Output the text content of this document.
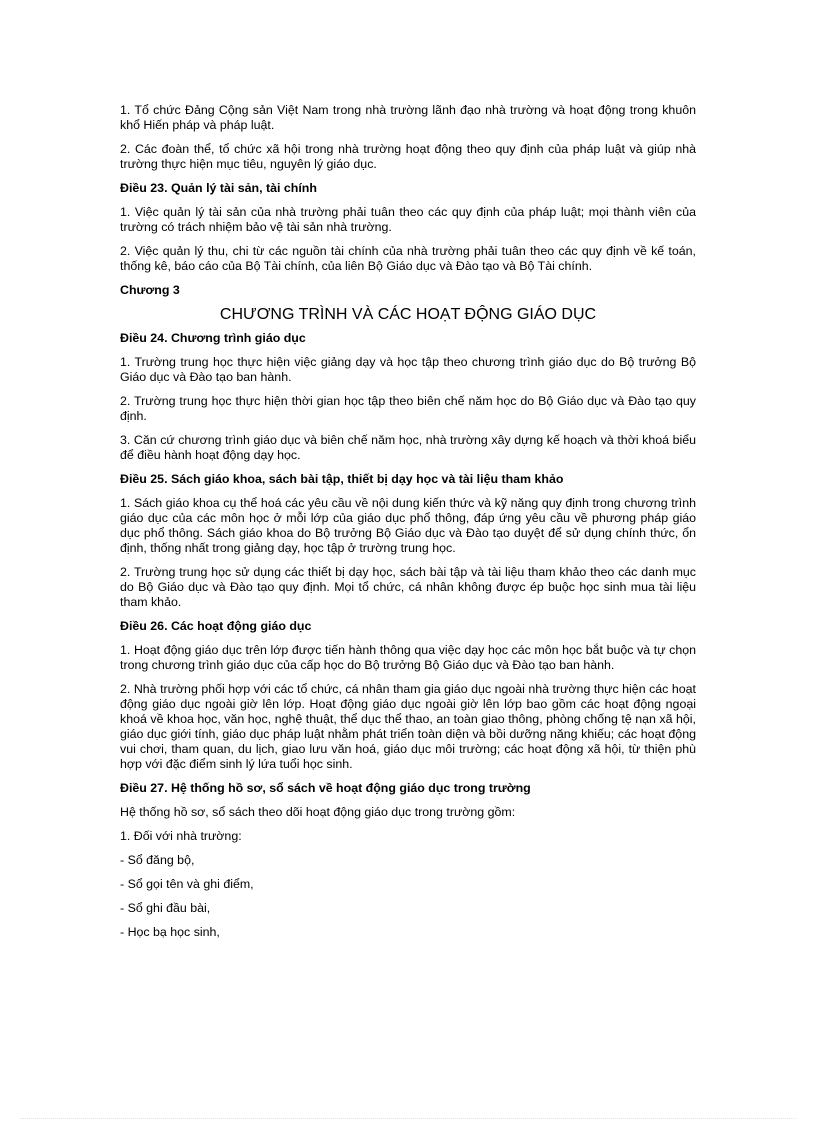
1. Tổ chức Đảng Cộng sản Việt Nam trong nhà trường lãnh đạo nhà trường và hoạt động trong khuôn khổ Hiến pháp và pháp luật.

2. Các đoàn thể, tổ chức xã hội trong nhà trường hoạt động theo quy định của pháp luật và giúp nhà trường thực hiện mục tiêu, nguyên lý giáo dục.

Điều 23. Quản lý tài sản, tài chính

1. Việc quản lý tài sản của nhà trường phải tuân theo các quy định của pháp luật; mọi thành viên của trường có trách nhiệm bảo vệ tài sản nhà trường.

2. Việc quản lý thu, chi từ các nguồn tài chính của nhà trường phải tuân theo các quy định về kế toán, thống kê, báo cáo của Bộ Tài chính, của liên Bộ Giáo dục và Đào tạo và Bộ Tài chính.

Chương 3
CHƯƠNG TRÌNH VÀ CÁC HOẠT ĐỘNG GIÁO DỤC
Điều 24. Chương trình giáo dục

1. Trường trung học thực hiện việc giảng dạy và học tập theo chương trình giáo dục do Bộ trưởng Bộ Giáo dục và Đào tạo ban hành.

2. Trường trung học thực hiện thời gian học tập theo biên chế năm học do Bộ Giáo dục và Đào tạo quy định.

3. Căn cứ chương trình giáo dục và biên chế năm học, nhà trường xây dựng kế hoạch và thời khoá biểu để điều hành hoạt động dạy học.

Điều 25. Sách giáo khoa, sách bài tập, thiết bị dạy học và tài liệu tham khảo

1. Sách giáo khoa cụ thể hoá các yêu cầu về nội dung kiến thức và kỹ năng quy định trong chương trình giáo dục của các môn học ở mỗi lớp của giáo dục phổ thông, đáp ứng yêu cầu về phương pháp giáo dục phổ thông. Sách giáo khoa do Bộ trưởng Bộ Giáo dục và Đào tạo duyệt để sử dụng chính thức, ổn định, thống nhất trong giảng dạy, học tập ở trường trung học.

2. Trường trung học sử dụng các thiết bị dạy học, sách bài tập và tài liệu tham khảo theo các danh mục do Bộ Giáo dục và Đào tạo quy định. Mọi tổ chức, cá nhân không được ép buộc học sinh mua tài liệu tham khảo.

Điều 26. Các hoạt động giáo dục

1. Hoạt động giáo dục trên lớp được tiến hành thông qua việc dạy học các môn học bắt buộc và tự chọn trong chương trình giáo dục của cấp học do Bộ trưởng Bộ Giáo dục và Đào tạo ban hành.

2. Nhà trường phối hợp với các tổ chức, cá nhân tham gia giáo dục ngoài nhà trường thực hiện các hoạt động giáo dục ngoài giờ lên lớp. Hoạt động giáo dục ngoài giờ lên lớp bao gồm các hoạt động ngoại khoá về khoa học, văn học, nghệ thuật, thể dục thể thao, an toàn giao thông, phòng chống tệ nạn xã hội, giáo dục giới tính, giáo dục pháp luật nhằm phát triển toàn diện và bồi dưỡng năng khiếu; các hoạt động vui chơi, tham quan, du lịch, giao lưu văn hoá, giáo dục môi trường; các hoạt động xã hội, từ thiện phù hợp với đặc điểm sinh lý lứa tuổi học sinh.

Điều 27. Hệ thống hồ sơ, sổ sách về hoạt động giáo dục trong trường

Hệ thống hồ sơ, sổ sách theo dõi hoạt động giáo dục trong trường gồm:

1. Đối với nhà trường:

- Sổ đăng bộ,

- Sổ gọi tên và ghi điểm,

- Sổ ghi đầu bài,

- Học bạ học sinh,
